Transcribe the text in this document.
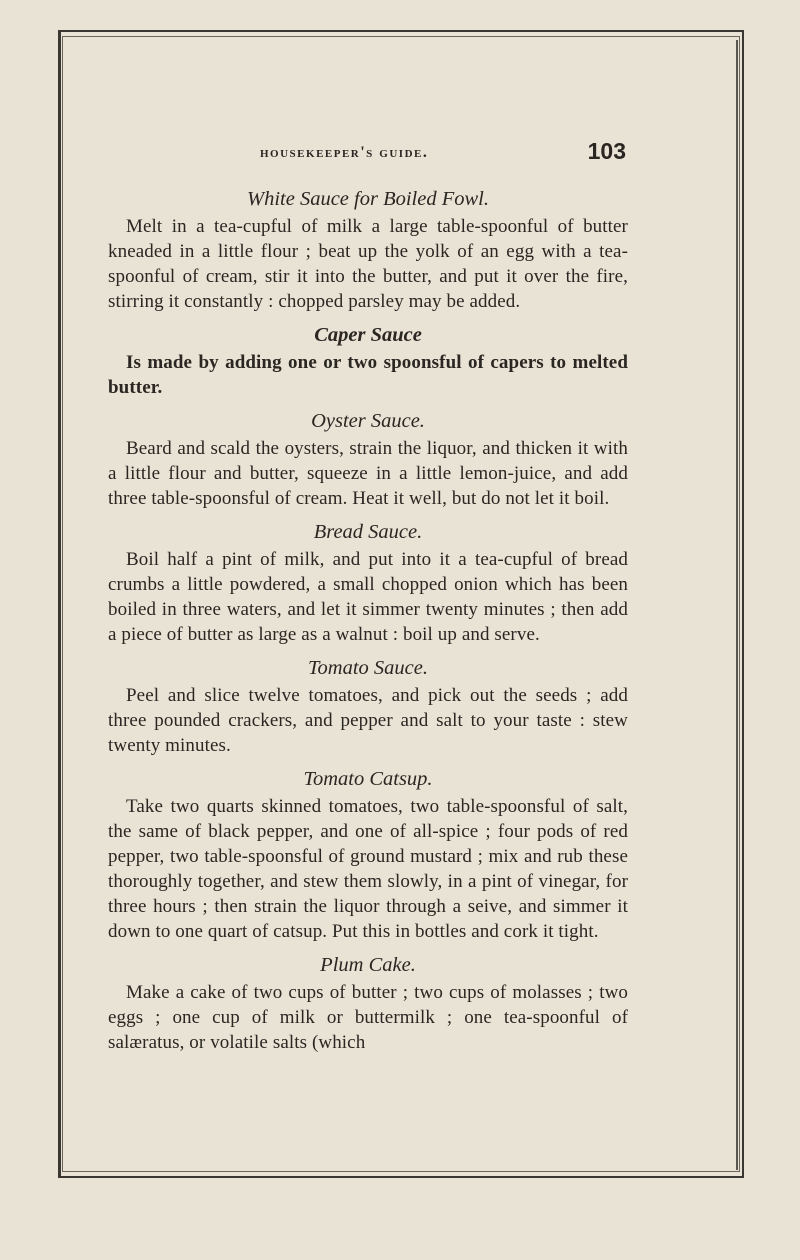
housekeeper's guide.	103
White Sauce for Boiled Fowl.

Melt in a tea-cupful of milk a large table-spoonful of butter kneaded in a little flour ; beat up the yolk of an egg with a tea-spoonful of cream, stir it into the butter, and put it over the fire, stirring it constantly : chopped parsley may be added.

Caper Sauce

Is made by adding one or two spoonsful of capers to melted butter.

Oyster Sauce.

Beard and scald the oysters, strain the liquor, and thicken it with a little flour and butter, squeeze in a little lemon-juice, and add three table-spoonsful of cream. Heat it well, but do not let it boil.

Bread Sauce.

Boil half a pint of milk, and put into it a tea-cupful of bread crumbs a little powdered, a small chopped onion which has been boiled in three waters, and let it simmer twenty minutes ; then add a piece of butter as large as a walnut : boil up and serve.

Tomato Sauce.

Peel and slice twelve tomatoes, and pick out the seeds ; add three pounded crackers, and pepper and salt to your taste : stew twenty minutes.

Tomato Catsup.

Take two quarts skinned tomatoes, two table-spoonsful of salt, the same of black pepper, and one of all-spice ; four pods of red pepper, two table-spoonsful of ground mustard ; mix and rub these thoroughly together, and stew them slowly, in a pint of vinegar, for three hours ; then strain the liquor through a seive, and simmer it down to one quart of catsup. Put this in bottles and cork it tight.

Plum Cake.

Make a cake of two cups of butter ; two cups of molasses ; two eggs ; one cup of milk or buttermilk ; one tea-spoonful of salæratus, or volatile salts (which
